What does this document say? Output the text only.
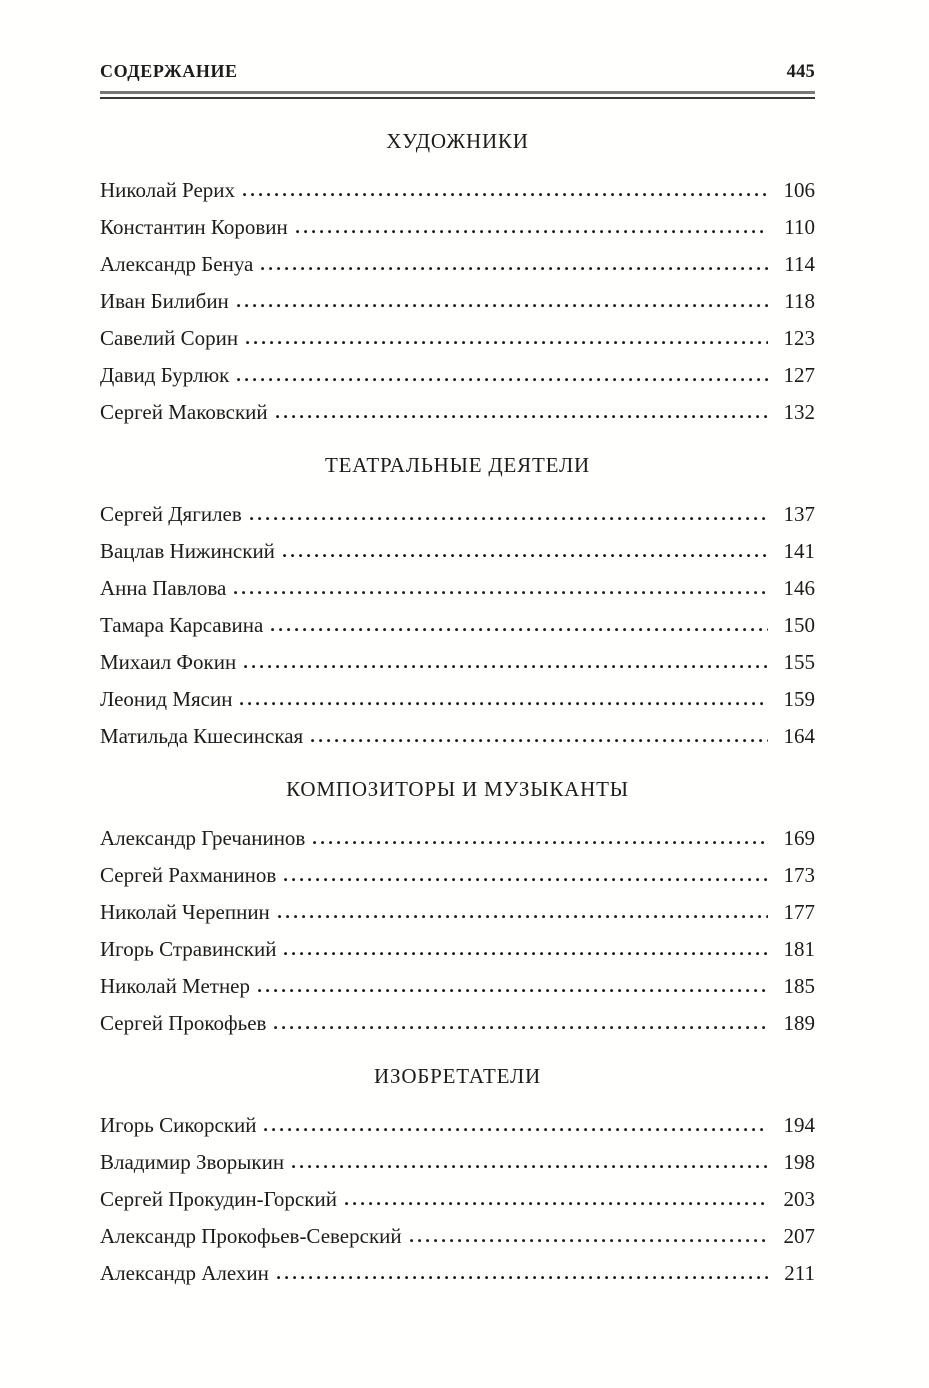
СОДЕРЖАНИЕ	445
ХУДОЖНИКИ
Николай Рерих	106
Константин Коровин	110
Александр Бенуа	114
Иван Билибин	118
Савелий Сорин	123
Давид Бурлюк	127
Сергей Маковский	132
ТЕАТРАЛЬНЫЕ ДЕЯТЕЛИ
Сергей Дягилев	137
Вацлав Нижинский	141
Анна Павлова	146
Тамара Карсавина	150
Михаил Фокин	155
Леонид Мясин	159
Матильда Кшесинская	164
КОМПОЗИТОРЫ И МУЗЫКАНТЫ
Александр Гречанинов	169
Сергей Рахманинов	173
Николай Черепнин	177
Игорь Стравинский	181
Николай Метнер	185
Сергей Прокофьев	189
ИЗОБРЕТАТЕЛИ
Игорь Сикорский	194
Владимир Зворыкин	198
Сергей Прокудин-Горский	203
Александр Прокофьев-Северский	207
Александр Алехин	211
